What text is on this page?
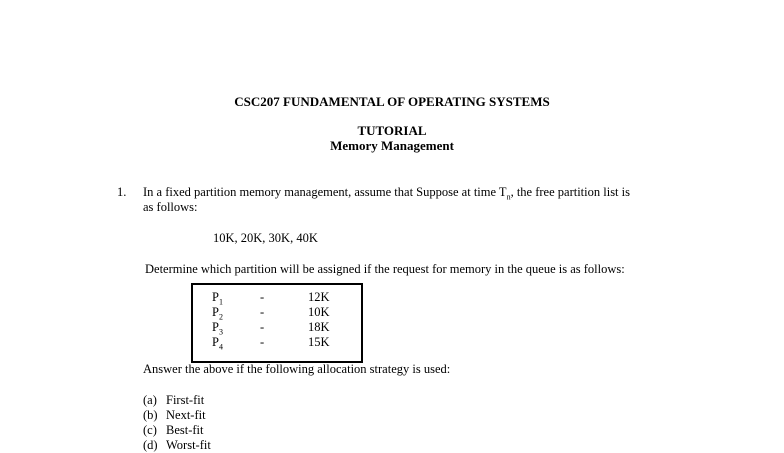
CSC207 FUNDAMENTAL OF OPERATING SYSTEMS
TUTORIAL
Memory Management
1. In a fixed partition memory management, assume that Suppose at time $T_n$, the free partition list is
as follows:
10K, 20K, 30K, 40K
Determine which partition will be assigned if the request for memory in the queue is as follows:
$P_1$	-	12K
$P_2$	-	10K
$P_3$	-	18K
$P_4$	-	15K
Answer the above if the following allocation strategy is used:
(a) First-fit
(b) Next-fit
(c) Best-fit
(d) Worst-fit
